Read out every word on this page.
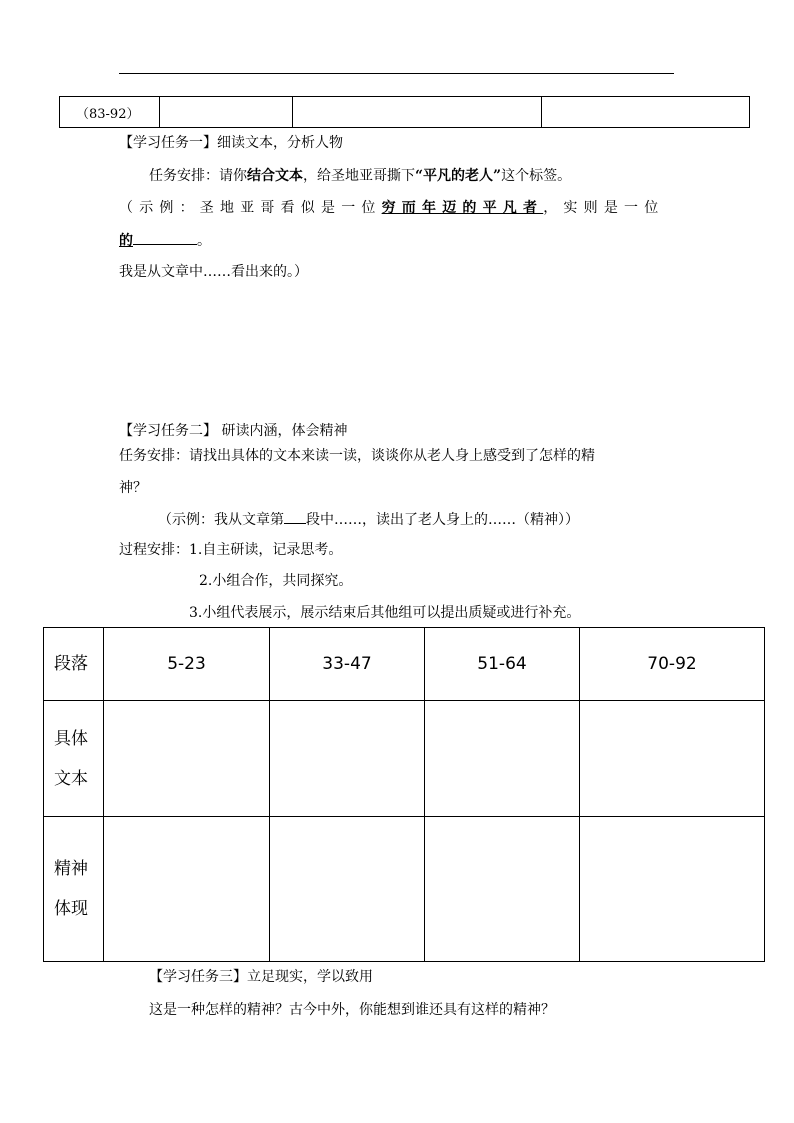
（83-92）			
【学习任务一】细读文本，分析人物
任务安排：请你结合文本，给圣地亚哥撕下“平凡的老人”这个标签。
（示例：圣地亚哥看似是一位穷而年迈的平凡者，实则是一位
的	。
我是从文章中……看出来的。）
【学习任务二】 研读内涵，体会精神
任务安排：请找出具体的文本来读一读，谈谈你从老人身上感受到了怎样的精
神？
（示例：我从文章第 段中……，读出了老人身上的……（精神））
过程安排：1.自主研读，记录思考。
2.小组合作，共同探究。
3.小组代表展示，展示结束后其他组可以提出质疑或进行补充。
段落	5-23	33-47	51-64	70-92

具体
文本				

精神
体现				

【学习任务三】立足现实，学以致用
这是一种怎样的精神？古今中外，你能想到谁还具有这样的精神？
